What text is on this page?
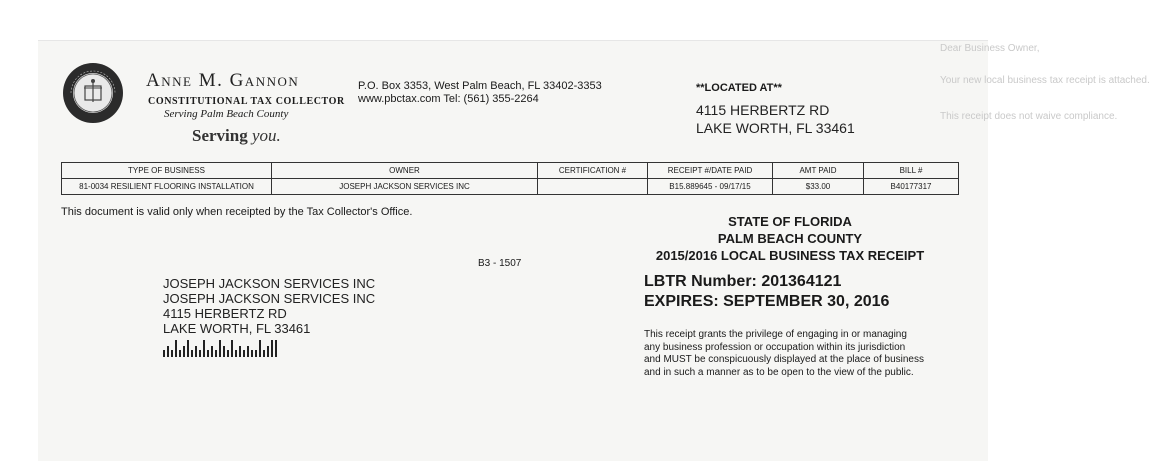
Dear Business Owner,
Your new local business tax receipt is attached.
This receipt does not waive compliance.
Anne M. Gannon
CONSTITUTIONAL TAX COLLECTOR
Serving Palm Beach County
Serving you.
P.O. Box 3353, West Palm Beach, FL 33402-3353
www.pbctax.com Tel: (561) 355-2264
**LOCATED AT**
4115 HERBERTZ RD
LAKE WORTH, FL 33461
TYPE OF BUSINESS	OWNER	CERTIFICATION #	RECEIPT #/DATE PAID	AMT PAID	BILL #
81-0034 RESILIENT FLOORING INSTALLATION	JOSEPH JACKSON SERVICES INC		B15.889645 - 09/17/15	$33.00	B40177317
This document is valid only when receipted by the Tax Collector's Office.
STATE OF FLORIDA
PALM BEACH COUNTY
2015/2016 LOCAL BUSINESS TAX RECEIPT
B3 - 1507
JOSEPH JACKSON SERVICES INC
JOSEPH JACKSON SERVICES INC
4115 HERBERTZ RD
LAKE WORTH, FL 33461
LBTR Number: 201364121
EXPIRES: SEPTEMBER 30, 2016
This receipt grants the privilege of engaging in or managing any business profession or occupation within its jurisdiction and MUST be conspicuously displayed at the place of business and in such a manner as to be open to the view of the public.
